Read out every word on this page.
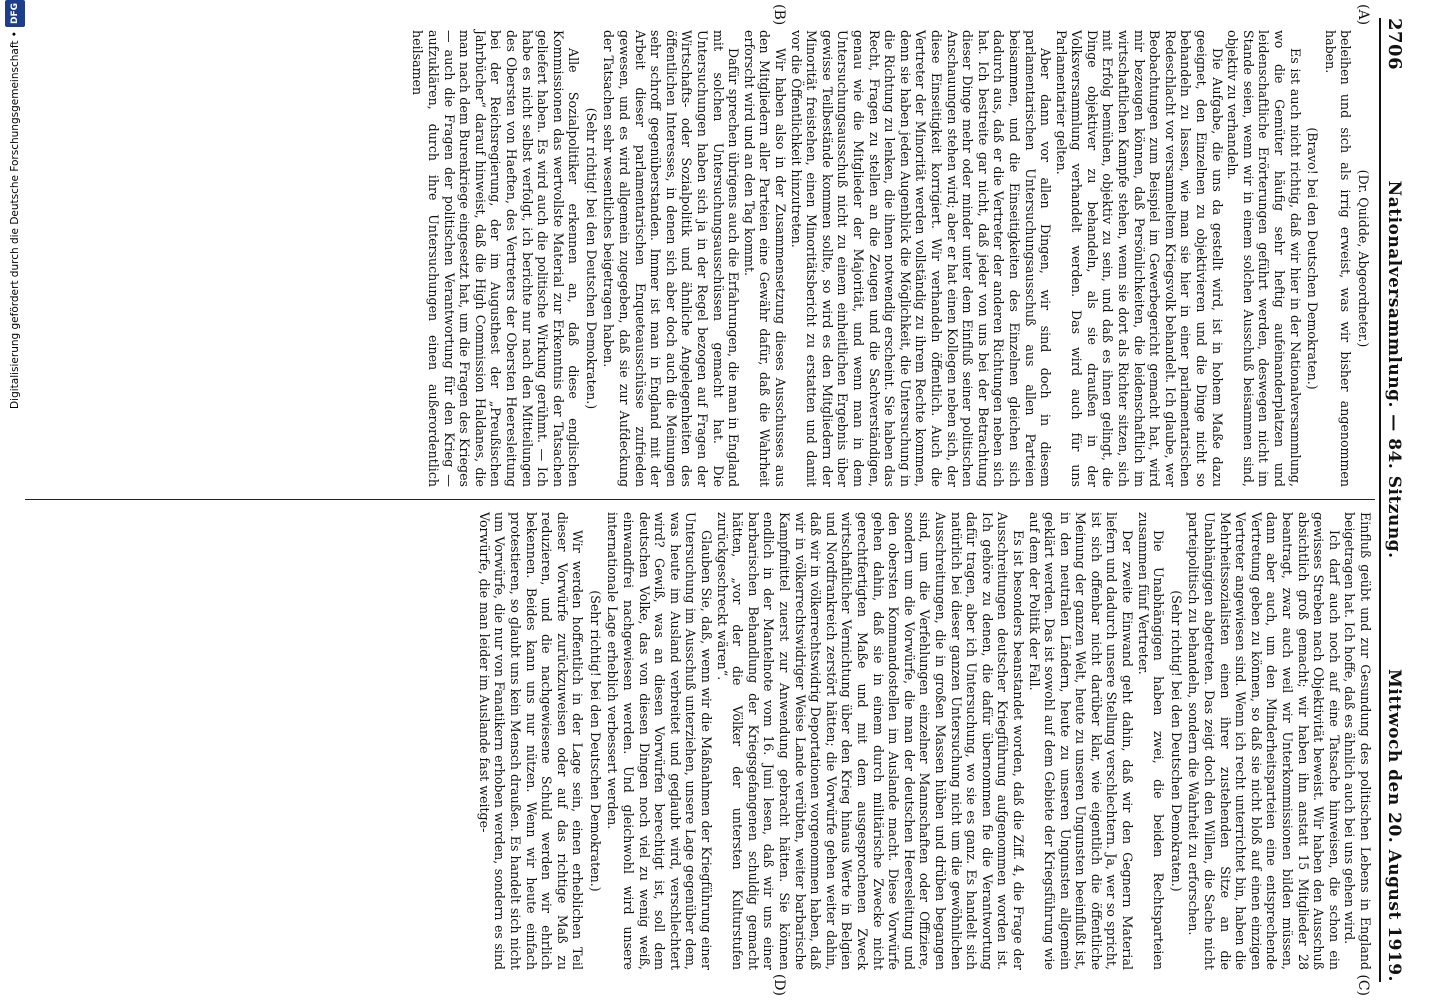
2706
Nationalversammlung. — 84. Sitzung.
Mittwoch den 20. August 1919.
(A)
(B)

(Dr. Quidde, Abgeordneter.)

beleihen und sich als irrig erweist, was wir bisher angenommen haben.

(Bravo! bei den Deutschen Demokraten.)

Es ist auch nicht richtig, daß wir hier in der Nationalversammlung, wo die Gemüter häufig sehr heftig aufeinanderplatzen und leidenschaftliche Erörterungen geführt werden, deswegen nicht im Stande seien, wenn wir in einem solchen Ausschuß beisammen sind, objektiv zu verhandeln.

Die Aufgabe, die uns da gestellt wird, ist in hohem Maße dazu geeignet, den Einzelnen zu objektivieren und die Dinge nicht so behandeln zu lassen, wie man sie hier in einer parlamentarischen Redeschlacht vor versammeltem Kriegsvolk behandelt. Ich glaube, wer Beobachtungen zum Beispiel im Gewerbegericht gemacht hat, wird mir bezeugen können, daß Persönlichkeiten, die leidenschaftlich im wirtschaftlichen Kampfe stehen, wenn sie dort als Richter sitzen, sich mit Erfolg bemühen, objektiv zu sein, und daß es ihnen gelingt, die Dinge objektiver zu behandeln, als sie draußen in der Volksversammlung verhandelt werden. Das wird auch für uns Parlamentarier gelten.

Aber dann vor allen Dingen, wir sind doch in diesem parlamentarischen Untersuchungsausschuß aus allen Parteien beisammen, und die Einseitigkeiten des Einzelnen gleichen sich dadurch aus, daß er die Vertreter der anderen Richtungen neben sich hat. Ich bestreite gar nicht, daß jeder von uns bei der Betrachtung dieser Dinge mehr oder minder unter dem Einfluß seiner politischen Anschauungen stehen wird; aber er hat einen Kollegen neben sich, der diese Einseitigkeit korrigiert. Wir verhandeln öffentlich. Auch die Vertreter der Minorität werden vollständig zu ihrem Rechte kommen, denn sie haben jeden Augenblick die Möglichkeit, die Untersuchung in die Richtung zu lenken, die ihnen notwendig erscheint. Sie haben das Recht, Fragen zu stellen an die Zeugen und die Sachverständigen, genau wie die Mitglieder der Majorität, und wenn man in dem Untersuchungsausschuß nicht zu einem einheitlichen Ergebnis über gewisse Teilbestände kommen sollte, so wird es den Mitgliedern der Minorität freistehen, einen Minoritätsbericht zu erstatten und damit vor die Öffentlichkeit hinzutreten.

Wir haben also in der Zusammensetzung dieses Ausschusses aus den Mitgliedern aller Parteien eine Gewähr dafür, daß die Wahrheit erforscht wird und an den Tag kommt.

Dafür sprechen übrigens auch die Erfahrungen, die man in England mit solchen Untersuchungsausschüssen gemacht hat. Die Untersuchungen haben sich ja in der Regel bezogen auf Fragen der Wirtschafts- oder Sozialpolitik und ähnliche Angelegenheiten des öffentlichen Interesses, in denen sich aber doch auch die Meinungen sehr schroff gegenüberstanden. Immer ist man in England mit der Arbeit dieser parlamentarischen Enqueteausschüsse zufrieden gewesen, und es wird allgemein zugegeben, daß sie zur Aufdeckung der Tatsachen sehr wesentliches beigetragen haben.

(Sehr richtig! bei den Deutschen Demokraten.)

Alle Sozialpolitiker erkennen an, daß diese englischen Kommissionen das wertvollste Material zur Erkenntnis der Tatsachen geliefert haben. Es wird auch die politische Wirkung gerühmt. — Ich habe es nicht selbst verfolgt, ich berichte nur nach den Mitteilungen des Obersten von Haeften, des Vertreters der Obersten Heeresleitung bei der Reichsregierung, der im Augusthest der „Preußischen Jahrbücher“ darauf hinweist, daß die High Commission Haldanes, die man nach dem Burenkriege eingesetzt hat, um die Fragen des Krieges — auch die Fragen der politischen Verantwortung für den Krieg — aufzuklären, durch ihre Untersuchungen einen außerordentlich heilsamen

Einfluß geübt und zur Gesundung des politischen Lebens in England beigetragen hat. Ich hoffe, daß es ähnlich auch bei uns gehen wird.

Ich darf auch noch auf eine Tatsache hinweisen, die schon ein gewisses Streben nach Objektivität beweist. Wir haben den Ausschuß absichtlich groß gemacht; wir haben ihn anstatt 15 Mitglieder 28 beantragt, zwar auch weil wir Unterkommissionen bilden müssen, dann aber auch, um den Minderheitsparteien eine entsprechende Vertretung geben zu können, so daß sie nicht bloß auf einen einzigen Vertreter angewiesen sind. Wenn ich recht unterrichtet bin, haben die Mehrheitssozialisten einen ihrer zustehenden Sitze an die Unabhängigen abgetreten. Das zeigt doch den Willen, die Sache nicht parteipolitisch zu behandeln, sondern die Wahrheit zu erforschen.

(Sehr richtig! bei den Deutschen Demokraten.)

Die Unabhängigen haben zwei, die beiden Rechtsparteien zusammen fünf Vertreter.

Der zweite Einwand geht dahin, daß wir den Gegnern Material liefern und dadurch unsere Stellung verschlechtern. Ja, wer so spricht, ist sich offenbar nicht darüber klar, wie eigentlich die öffentliche Meinung der ganzen Welt, heute zu unseren Ungunsten beeinflußt ist, in den neutralen Ländern, heute zu unseren Ungunsten allgemein geklärt werden. Das ist sowohl auf dem Gebiete der Kriegsführung wie auf dem der Politik der Fall.

Es ist besonders beanstandet worden, daß die Ziff. 4, die Frage der Ausschreitungen deutscher Kriegführung aufgenommen worden ist. Ich gehöre zu denen, die dafür übernommen fie die Verantwortung dafür tragen, aber ich Untersuchung, wo sie es ganz. Es handelt sich natürlich bei dieser ganzen Untersuchung nicht um die gewöhnlichen Ausschreitungen, die in großen Massen hüben und drüben begangen sind, um die Verfehlungen einzelner Mannschaften oder Offiziere, sondern um die Vorwürfe, die man der deutschen Heeresleitung und den obersten Kommandostellen im Auslande macht. Diese Vorwürfe gehen dahin, daß sie in einem durch militärische Zwecke nicht gerechtfertigten Maße und mit dem ausgesprochenen Zweck wirtschaftlicher Vernichtung über den Krieg hinaus Werte in Belgien und Nordfrankreich zerstört hätten; die Vorwürfe gehen weiter dahin, daß wir in völkerrechtswidrig Deportationen vorgenommen haben, daß wir in völkerrechtswidriger Weise Lande verübten, weiter barbarische Kampfmittel zuerst zur Anwendung gebracht hätten. Sie können endlich in der Mantelnote vom 16. Juni lesen, daß wir uns einer barbarischen Behandlung der Kriegsgefangenen schuldig gemacht hätten, „vor der die Völker der untersten Kulturstufen zurückgeschreckt wären“.

Glauben Sie, daß, wenn wir die Maßnahmen der Kriegführung einer Untersuchung im Ausschuß unterziehen, unsere Lage gegenüber dem, was heute im Ausland verbreitet und geglaubt wird, verschlechtert wird? Gewiß, was an diesen Vorwürfen berechtigt ist, soll dem deutschen Volke, das von diesen Dingen noch viel zu wenig weiß, einwandfrei nachgewiesen werden. Und gleichwohl wird unsere internationale Lage erheblich verbessert werden.

(Sehr richtig! bei den Deutschen Demokraten.)

Wir werden hoffentlich in der Lage sein, einen erheblichen Teil dieser Vorwürfe zurückzuweisen oder auf das richtige Maß zu reduzieren, und die nachgewiesene Schuld werden wir ehrlich bekennen. Beides kann uns nur nützen. Wenn wir heute einfach protestieren, so glaubt uns kein Mensch draußen. Es handelt sich nicht um Vorwürfe, die nur von Fanatikern erhoben werden, sondern es sind Vorwürfe, die man leider im Auslande fast weitge-

(C)
(D)
Digitalisierung gefördert durch die Deutsche Forschungsgemeinschaft •
DFG
